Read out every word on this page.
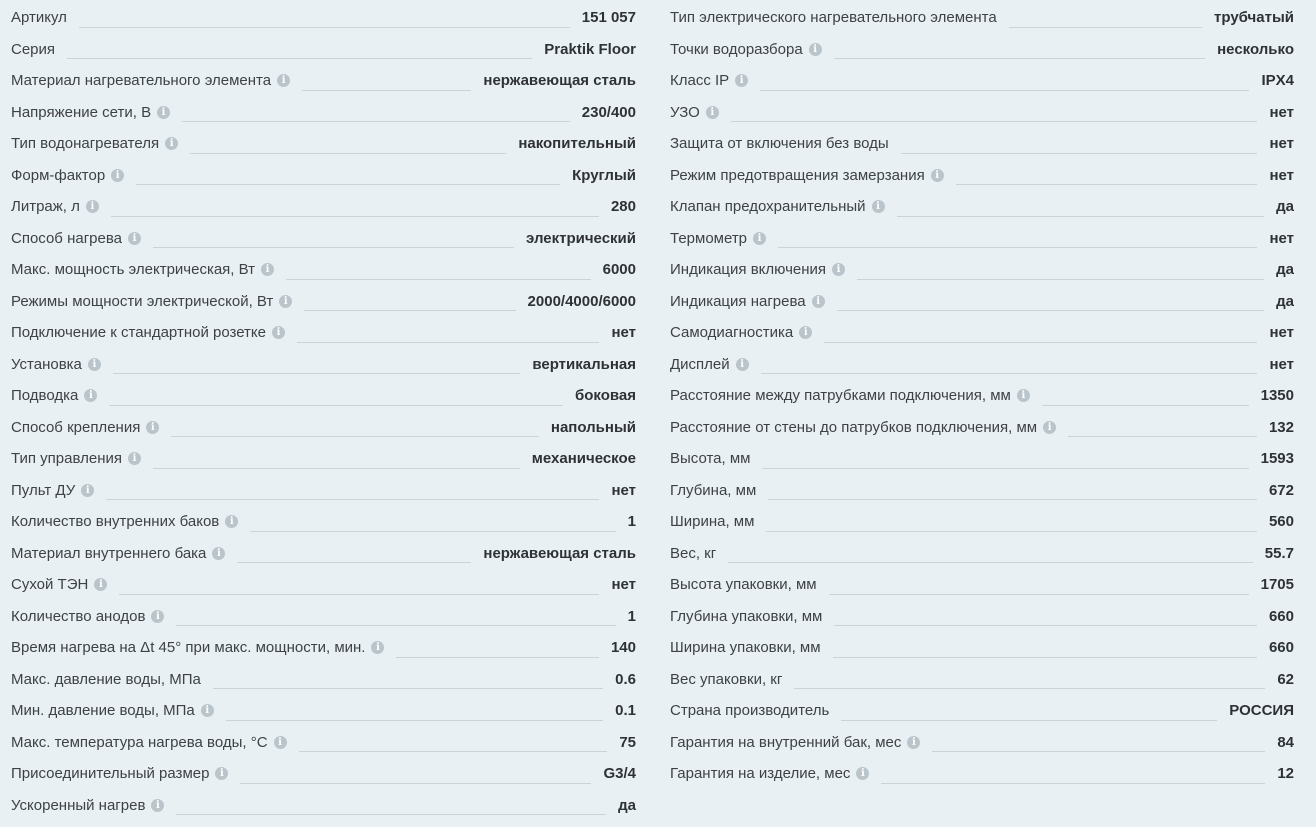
Артикул	151 057
Серия	Praktik Floor
Материал нагревательного элемента	i	нержавеющая сталь
Напряжение сети, В	i	230/400
Тип водонагревателя	i	накопительный
Форм-фактор	i	Круглый
Литраж, л	i	280
Способ нагрева	i	электрический
Макс. мощность электрическая, Вт	i	6000
Режимы мощности электрической, Вт	i	2000/4000/6000
Подключение к стандартной розетке	i	нет
Установка	i	вертикальная
Подводка	i	боковая
Способ крепления	i	напольный
Тип управления	i	механическое
Пульт ДУ	i	нет
Количество внутренних баков	i	1
Материал внутреннего бака	i	нержавеющая сталь
Сухой ТЭН	i	нет
Количество анодов	i	1
Время нагрева на Δt 45° при макс. мощности, мин.	i	140
Макс. давление воды, МПа	0.6
Мин. давление воды, МПа	i	0.1
Макс. температура нагрева воды, °С	i	75
Присоединительный размер	i	G3/4
Ускоренный нагрев	i	да
Тип электрического нагревательного элемента	трубчатый
Точки водоразбора	i	несколько
Класс IP	i	IPX4
УЗО	i	нет
Защита от включения без воды	нет
Режим предотвращения замерзания	i	нет
Клапан предохранительный	i	да
Термометр	i	нет
Индикация включения	i	да
Индикация нагрева	i	да
Самодиагностика	i	нет
Дисплей	i	нет
Расстояние между патрубками подключения, мм	i	1350
Расстояние от стены до патрубков подключения, мм	i	132
Высота, мм	1593
Глубина, мм	672
Ширина, мм	560
Вес, кг	55.7
Высота упаковки, мм	1705
Глубина упаковки, мм	660
Ширина упаковки, мм	660
Вес упаковки, кг	62
Страна производитель	РОССИЯ
Гарантия на внутренний бак, мес	i	84
Гарантия на изделие, мес	i	12
